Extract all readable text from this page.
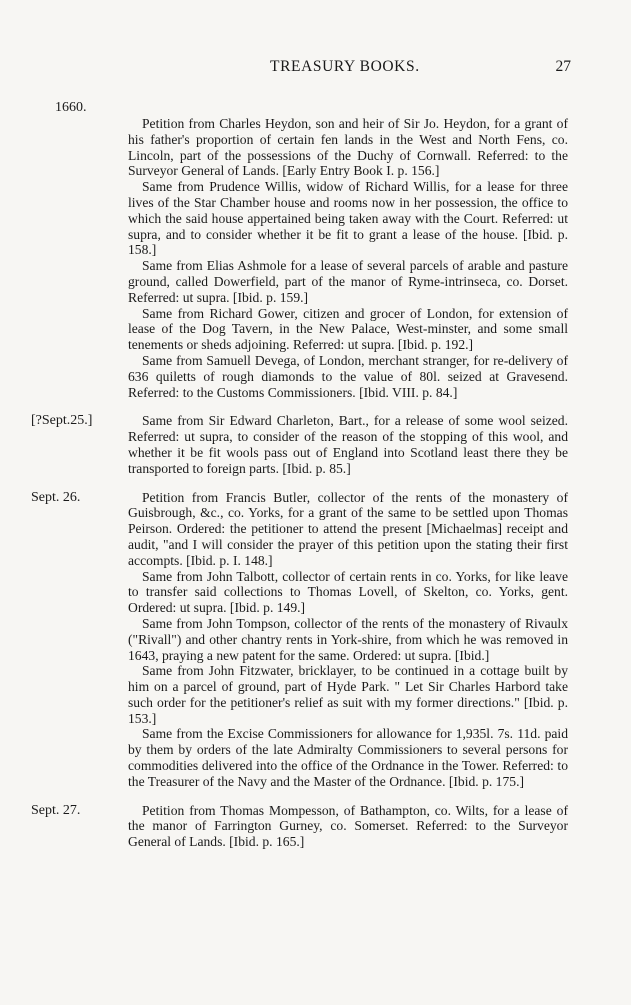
TREASURY BOOKS.	27
1660.

Petition from Charles Heydon, son and heir of Sir Jo. Heydon, for a grant of his father's proportion of certain fen lands in the West and North Fens, co. Lincoln, part of the possessions of the Duchy of Cornwall. Referred: to the Surveyor General of Lands. [Early Entry Book I. p. 156.]

Same from Prudence Willis, widow of Richard Willis, for a lease for three lives of the Star Chamber house and rooms now in her possession, the office to which the said house appertained being taken away with the Court. Referred: ut supra, and to consider whether it be fit to grant a lease of the house. [Ibid. p. 158.]

Same from Elias Ashmole for a lease of several parcels of arable and pasture ground, called Dowerfield, part of the manor of Ryme-intrinseca, co. Dorset. Referred: ut supra. [Ibid. p. 159.]

Same from Richard Gower, citizen and grocer of London, for extension of lease of the Dog Tavern, in the New Palace, West-minster, and some small tenements or sheds adjoining. Referred: ut supra. [Ibid. p. 192.]

Same from Samuell Devega, of London, merchant stranger, for re-delivery of 636 quiletts of rough diamonds to the value of 80l. seized at Gravesend. Referred: to the Customs Commissioners. [Ibid. VIII. p. 84.]

[?Sept.25.]	Same from Sir Edward Charleton, Bart., for a release of some wool seized. Referred: ut supra, to consider of the reason of the stopping of this wool, and whether it be fit wools pass out of England into Scotland least there they be transported to foreign parts. [Ibid. p. 85.]

Sept. 26.	Petition from Francis Butler, collector of the rents of the monastery of Guisbrough, &c., co. Yorks, for a grant of the same to be settled upon Thomas Peirson. Ordered: the petitioner to attend the present [Michaelmas] receipt and audit, "and I will consider the prayer of this petition upon the stating their first accompts. [Ibid. p. I. 148.]

Same from John Talbott, collector of certain rents in co. Yorks, for like leave to transfer said collections to Thomas Lovell, of Skelton, co. Yorks, gent. Ordered: ut supra. [Ibid. p. 149.]

Same from John Tompson, collector of the rents of the monastery of Rivaulx ("Rivall") and other chantry rents in York-shire, from which he was removed in 1643, praying a new patent for the same. Ordered: ut supra. [Ibid.]

Same from John Fitzwater, bricklayer, to be continued in a cottage built by him on a parcel of ground, part of Hyde Park. " Let Sir Charles Harbord take such order for the petitioner's relief as suit with my former directions." [Ibid. p. 153.]

Same from the Excise Commissioners for allowance for 1,935l. 7s. 11d. paid by them by orders of the late Admiralty Commissioners to several persons for commodities delivered into the office of the Ordnance in the Tower. Referred: to the Treasurer of the Navy and the Master of the Ordnance. [Ibid. p. 175.]

Sept. 27.	Petition from Thomas Mompesson, of Bathampton, co. Wilts, for a lease of the manor of Farrington Gurney, co. Somerset. Referred: to the Surveyor General of Lands. [Ibid. p. 165.]
